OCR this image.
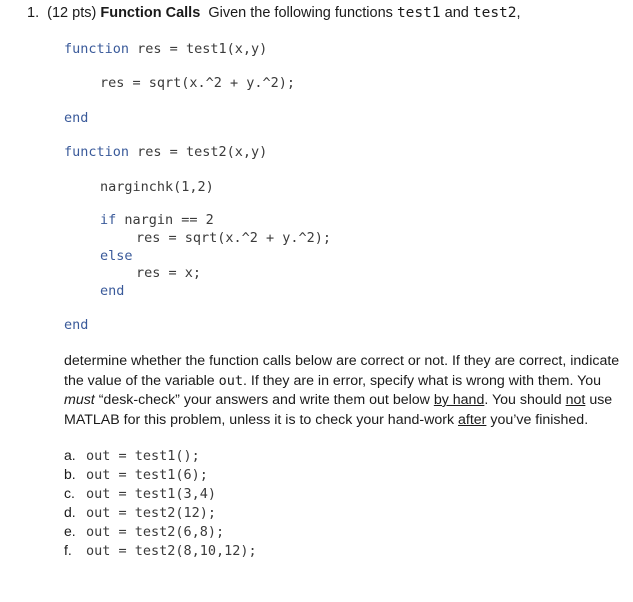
1. (12 pts) Function Calls Given the following functions test1 and test2,
function res = test1(x,y)
res = sqrt(x.^2 + y.^2);
end
function res = test2(x,y)
narginchk(1,2)
if nargin == 2
res = sqrt(x.^2 + y.^2);
else
res = x;
end
end
determine whether the function calls below are correct or not. If they are correct, indicate the value of the variable out. If they are in error, specify what is wrong with them. You must “desk-check” your answers and write them out below by hand. You should not use MATLAB for this problem, unless it is to check your hand-work after you’ve finished.
a. out = test1();
b. out = test1(6);
c. out = test1(3,4)
d. out = test2(12);
e. out = test2(6,8);
f. out = test2(8,10,12);
